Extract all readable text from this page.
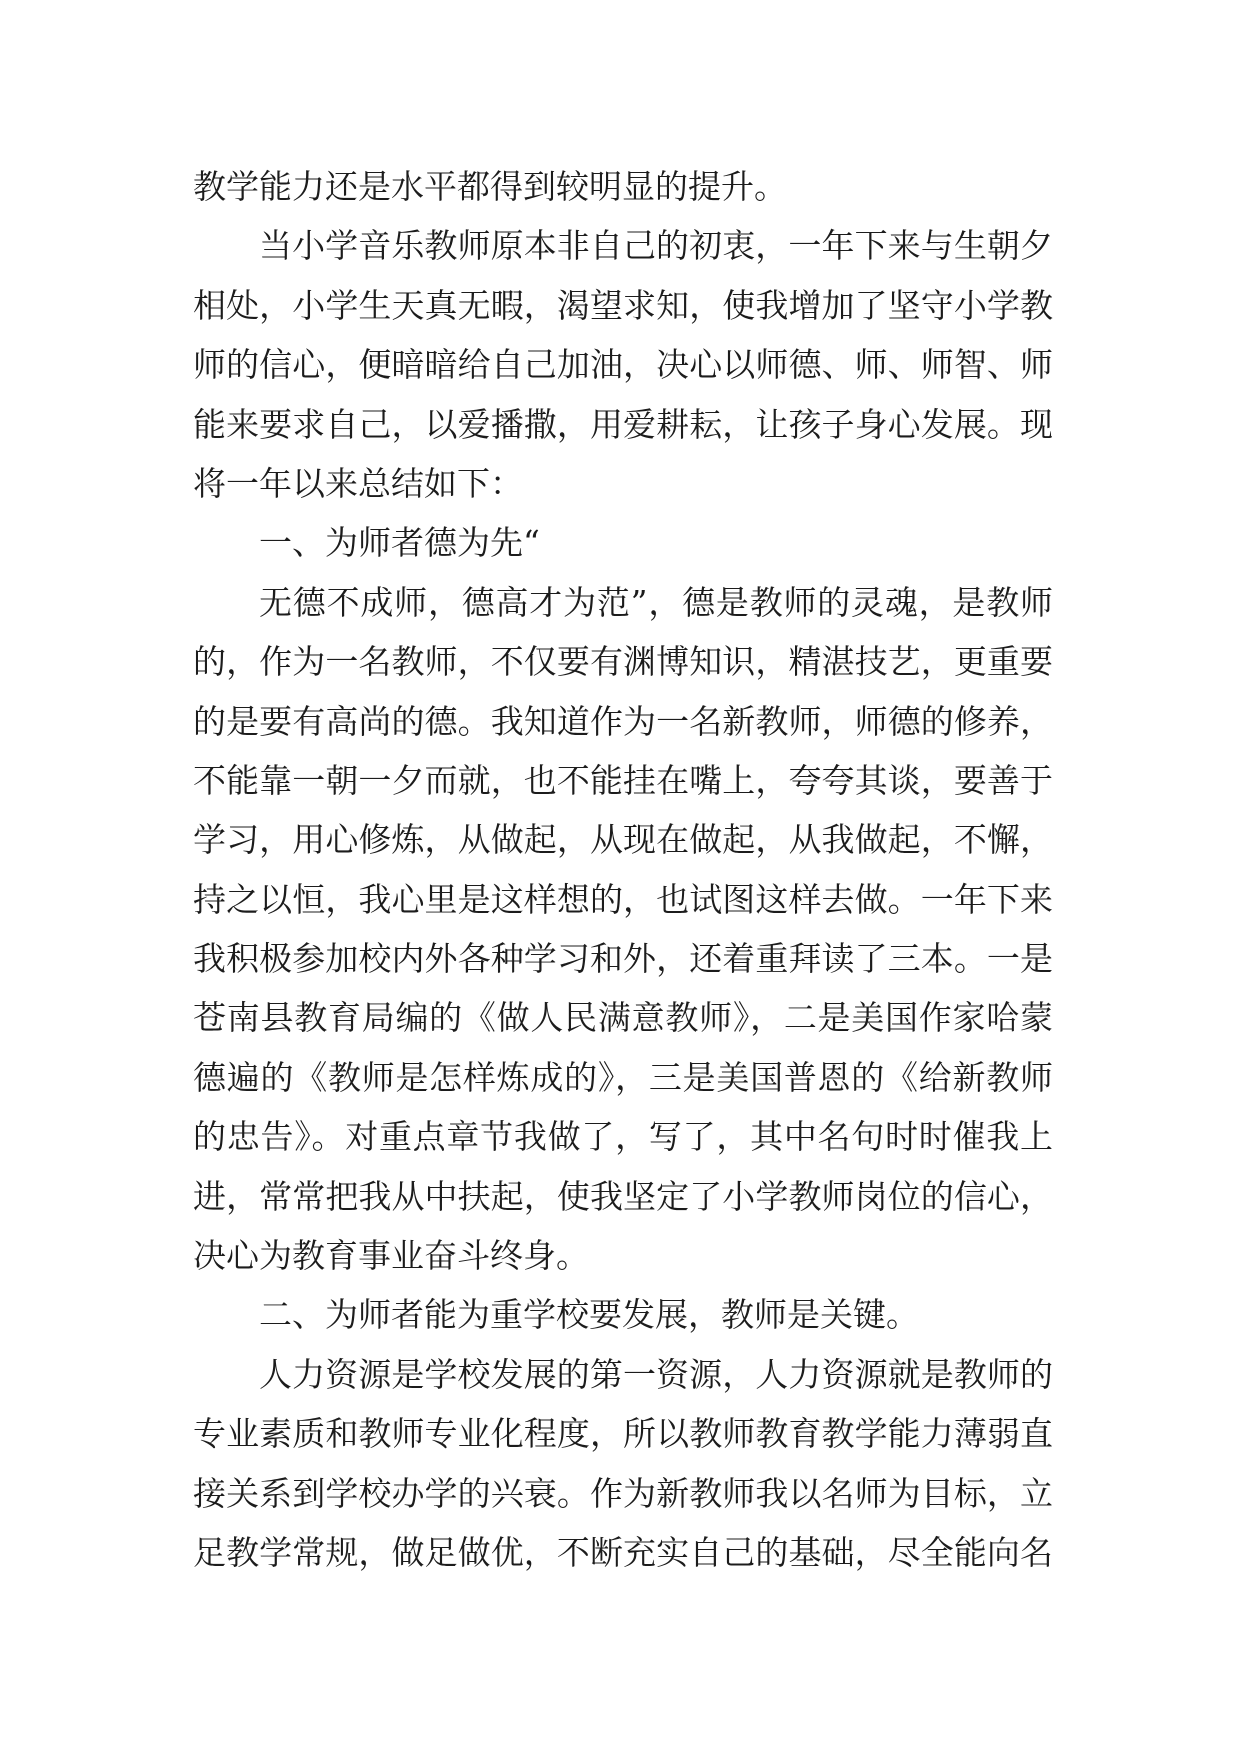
教学能力还是水平都得到较明显的提升。
当小学音乐教师原本非自己的初衷，一年下来与生朝夕
相处，小学生天真无暇，渴望求知，使我增加了坚守小学教
师的信心，便暗暗给自己加油，决心以师德、师、师智、师
能来要求自己，以爱播撒，用爱耕耘，让孩子身心发展。现
将一年以来总结如下：
一、为师者德为先“
无德不成师，德高才为范”，德是教师的灵魂，是教师
的，作为一名教师，不仅要有渊博知识，精湛技艺，更重要
的是要有高尚的德。我知道作为一名新教师，师德的修养，
不能靠一朝一夕而就，也不能挂在嘴上，夸夸其谈，要善于
学习，用心修炼，从做起，从现在做起，从我做起，不懈，
持之以恒，我心里是这样想的，也试图这样去做。一年下来
我积极参加校内外各种学习和外，还着重拜读了三本。一是
苍南县教育局编的《做人民满意教师》，二是美国作家哈蒙
德遍的《教师是怎样炼成的》，三是美国普恩的《给新教师
的忠告》。对重点章节我做了，写了，其中名句时时催我上
进，常常把我从中扶起，使我坚定了小学教师岗位的信心，
决心为教育事业奋斗终身。
二、为师者能为重学校要发展，教师是关键。
人力资源是学校发展的第一资源，人力资源就是教师的
专业素质和教师专业化程度，所以教师教育教学能力薄弱直
接关系到学校办学的兴衰。作为新教师我以名师为目标，立
足教学常规，做足做优，不断充实自己的基础，尽全能向名
